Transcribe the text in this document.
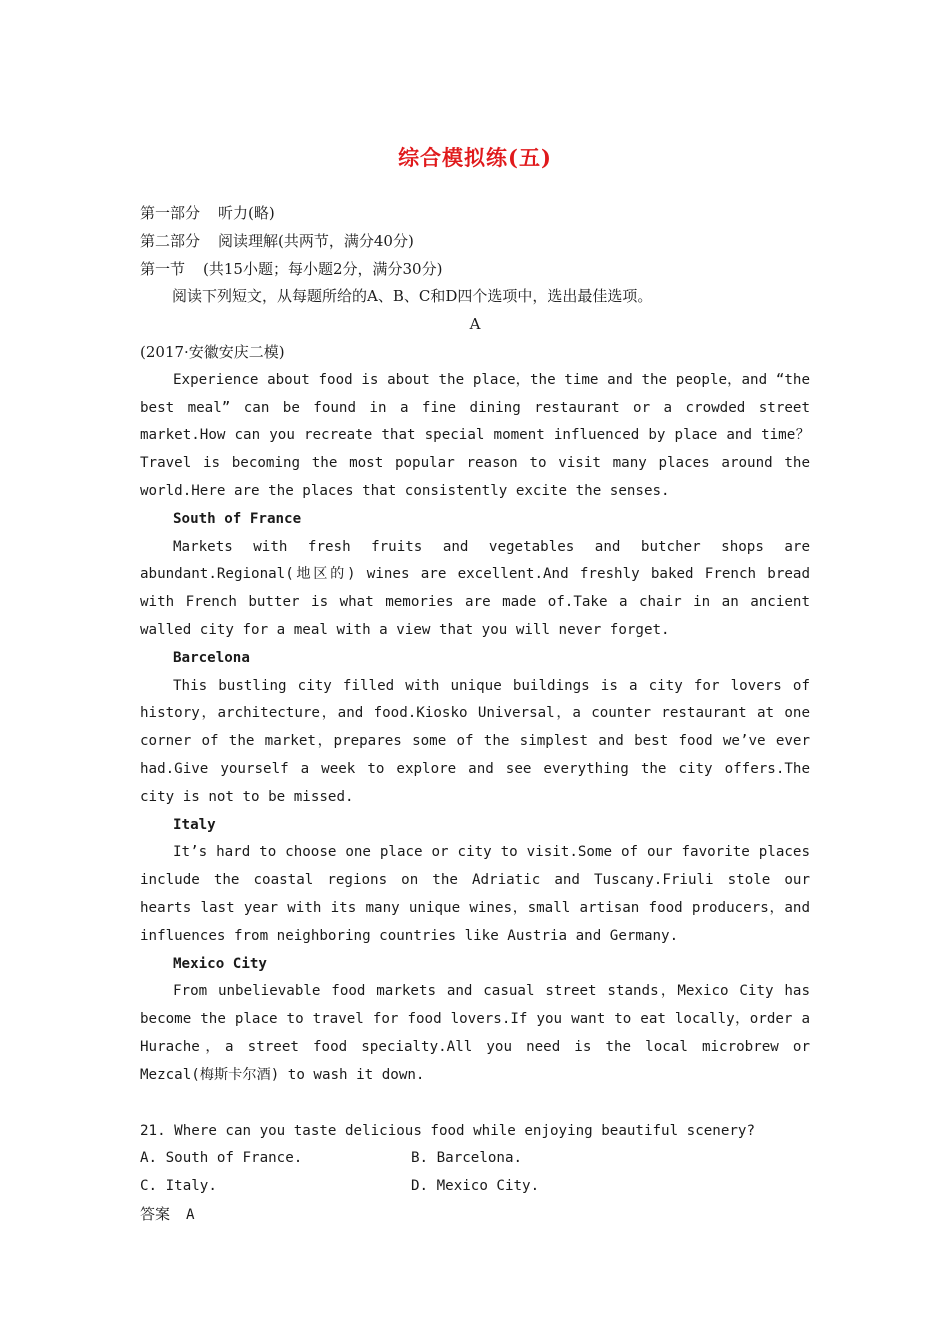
综合模拟练(五)

第一部分 听力(略)

第二部分 阅读理解(共两节，满分40分)

第一节 (共15小题；每小题2分，满分30分)

阅读下列短文，从每题所给的A、B、C和D四个选项中，选出最佳选项。

A

(2017·安徽安庆二模)

Experience about food is about the place，the time and the people，and “the best meal” can be found in a fine dining restaurant or a crowded street market.How can you recreate that special moment influenced by place and time？Travel is becoming the most popular reason to visit many places around the world.Here are the places that consistently excite the senses.

South of France

Markets with fresh fruits and vegetables and butcher shops are abundant.Regional(地区的) wines are excellent.And freshly baked French bread with French butter is what memories are made of.Take a chair in an ancient walled city for a meal with a view that you will never forget.

Barcelona

This bustling city filled with unique buildings is a city for lovers of history，architecture，and food.Kiosko Universal，a counter restaurant at one corner of the market，prepares some of the simplest and best food we’ve ever had.Give yourself a week to explore and see everything the city offers.The city is not to be missed.

Italy

It’s hard to choose one place or city to visit.Some of our favorite places include the coastal regions on the Adriatic and Tuscany.Friuli stole our hearts last year with its many unique wines，small artisan food producers，and influences from neighboring countries like Austria and Germany.

Mexico City

From unbelievable food markets and casual street stands，Mexico City has become the place to travel for food lovers.If you want to eat locally，order a Hurache，a street food specialty.All you need is the local microbrew or Mezcal(梅斯卡尔酒) to wash it down.

21. Where can you taste delicious food while enjoying beautiful scenery?

A. South of France.	B. Barcelona.
C. Italy.	D. Mexico City.
答案 A
